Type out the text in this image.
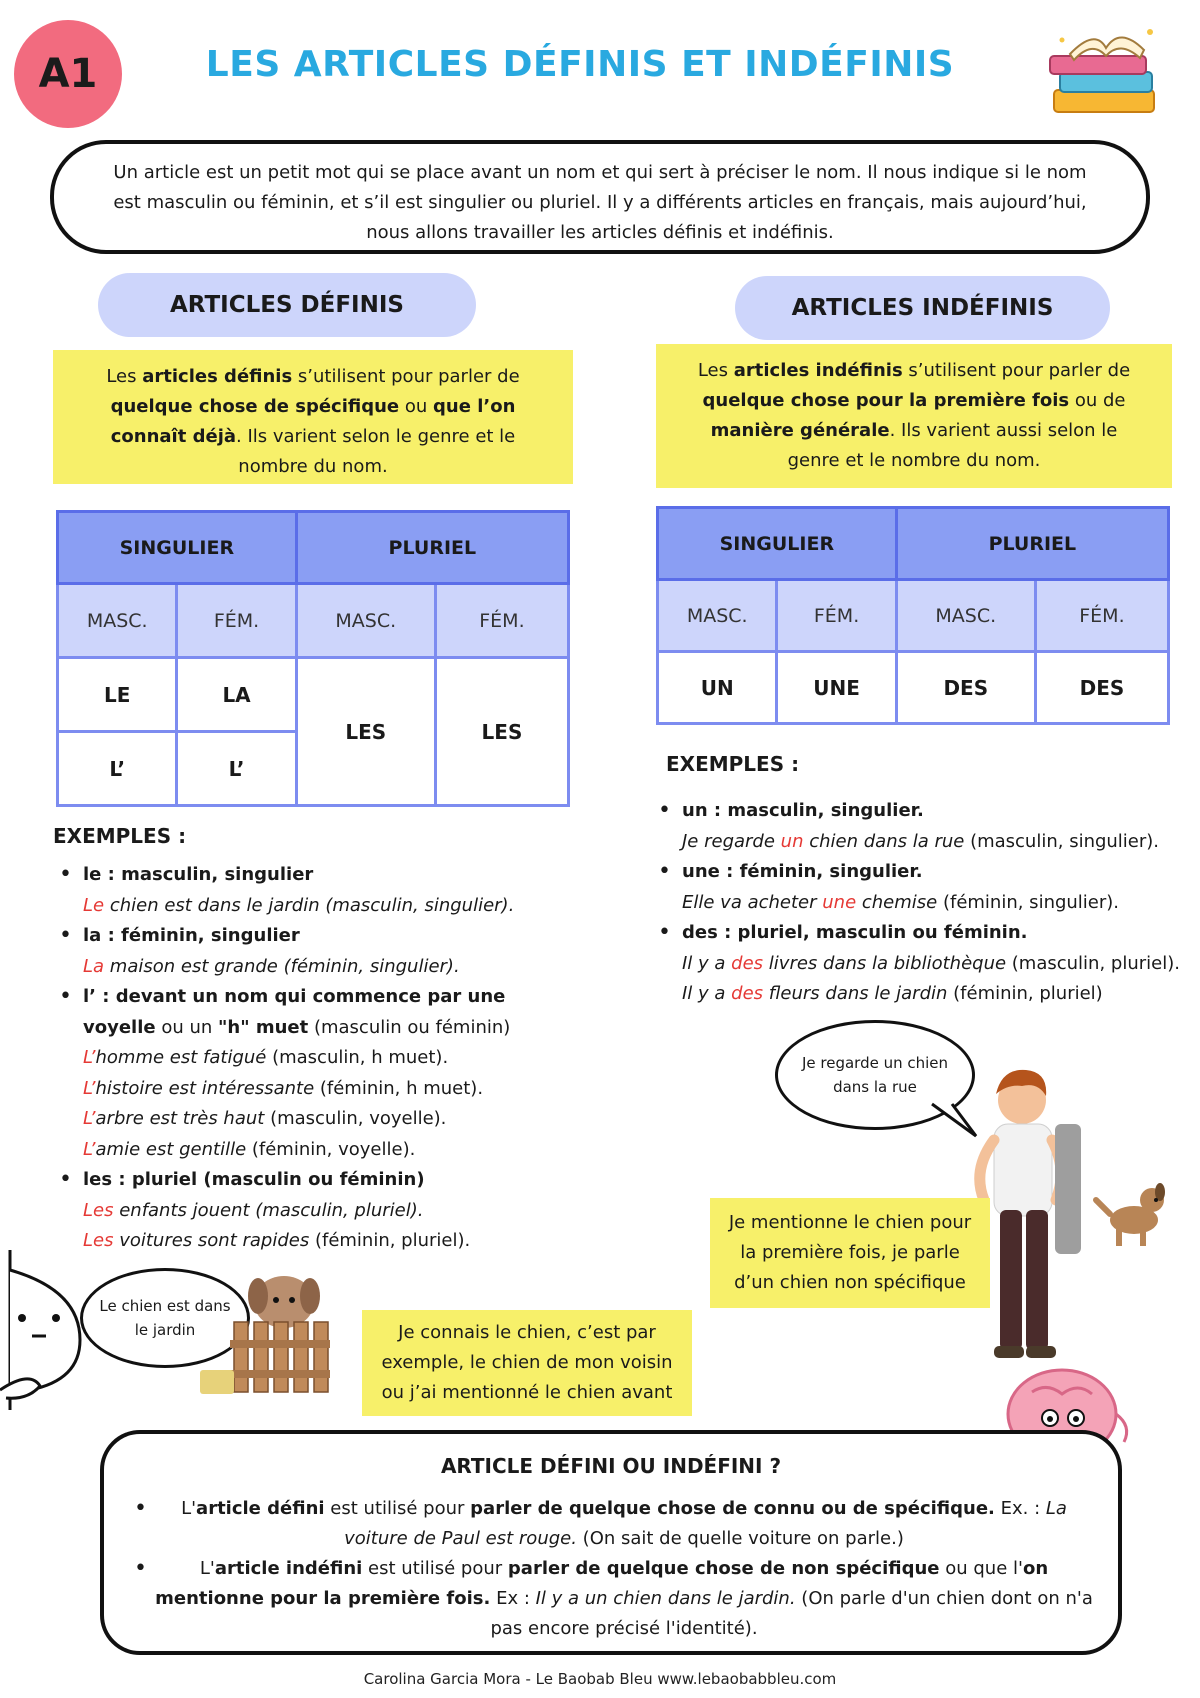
A1	LES ARTICLES DÉFINIS ET INDÉFINIS
Un article est un petit mot qui se place avant un nom et qui sert à préciser le nom. Il nous indique si le nom
est masculin ou féminin, et s’il est singulier ou pluriel. Il y a différents articles en français, mais aujourd’hui,
nous allons travailler les articles définis et indéfinis.
ARTICLES DÉFINIS	ARTICLES INDÉFINIS
Les articles définis s’utilisent pour parler de quelque chose de spécifique ou que l’on connaît déjà. Ils varient selon le genre et le nombre du nom.
Les articles indéfinis s’utilisent pour parler de quelque chose pour la première fois ou de manière générale. Ils varient aussi selon le genre et le nombre du nom.
SINGULIER		PLURIEL	
MASC.	FÉM.	MASC.	FÉM.
LE	LA	LES	LES
L’	L’		
SINGULIER		PLURIEL	
MASC.	FÉM.	MASC.	FÉM.
UN	UNE	DES	DES
EXEMPLES :
• le : masculin, singulier
Le chien est dans le jardin (masculin, singulier).
• la : féminin, singulier
La maison est grande (féminin, singulier).
• l’ : devant un nom qui commence par une
voyelle ou un "h" muet (masculin ou féminin)
L’homme est fatigué (masculin, h muet).
L’histoire est intéressante (féminin, h muet).
L’arbre est très haut (masculin, voyelle).
L’amie est gentille (féminin, voyelle).
• les : pluriel (masculin ou féminin)
Les enfants jouent (masculin, pluriel).
Les voitures sont rapides (féminin, pluriel).
EXEMPLES :
• un : masculin, singulier.
Je regarde un chien dans la rue (masculin, singulier).
• une : féminin, singulier.
Elle va acheter une chemise (féminin, singulier).
• des : pluriel, masculin ou féminin.
Il y a des livres dans la bibliothèque (masculin, pluriel).
Il y a des fleurs dans le jardin (féminin, pluriel)
Je regarde un chien dans la rue
Je mentionne le chien pour la première fois, je parle d’un chien non spécifique
Le chien est dans le jardin	Je connais le chien, c’est par exemple, le chien de mon voisin ou j’ai mentionné le chien avant
ARTICLE DÉFINI OU INDÉFINI ?
• L'article défini est utilisé pour parler de quelque chose de connu ou de spécifique. Ex. : La voiture de Paul est rouge. (On sait de quelle voiture on parle.)
• L'article indéfini est utilisé pour parler de quelque chose de non spécifique ou que l'on mentionne pour la première fois. Ex : Il y a un chien dans le jardin. (On parle d'un chien dont on n'a pas encore précisé l'identité).
Carolina Garcia Mora - Le Baobab Bleu www.lebaobabbleu.com
